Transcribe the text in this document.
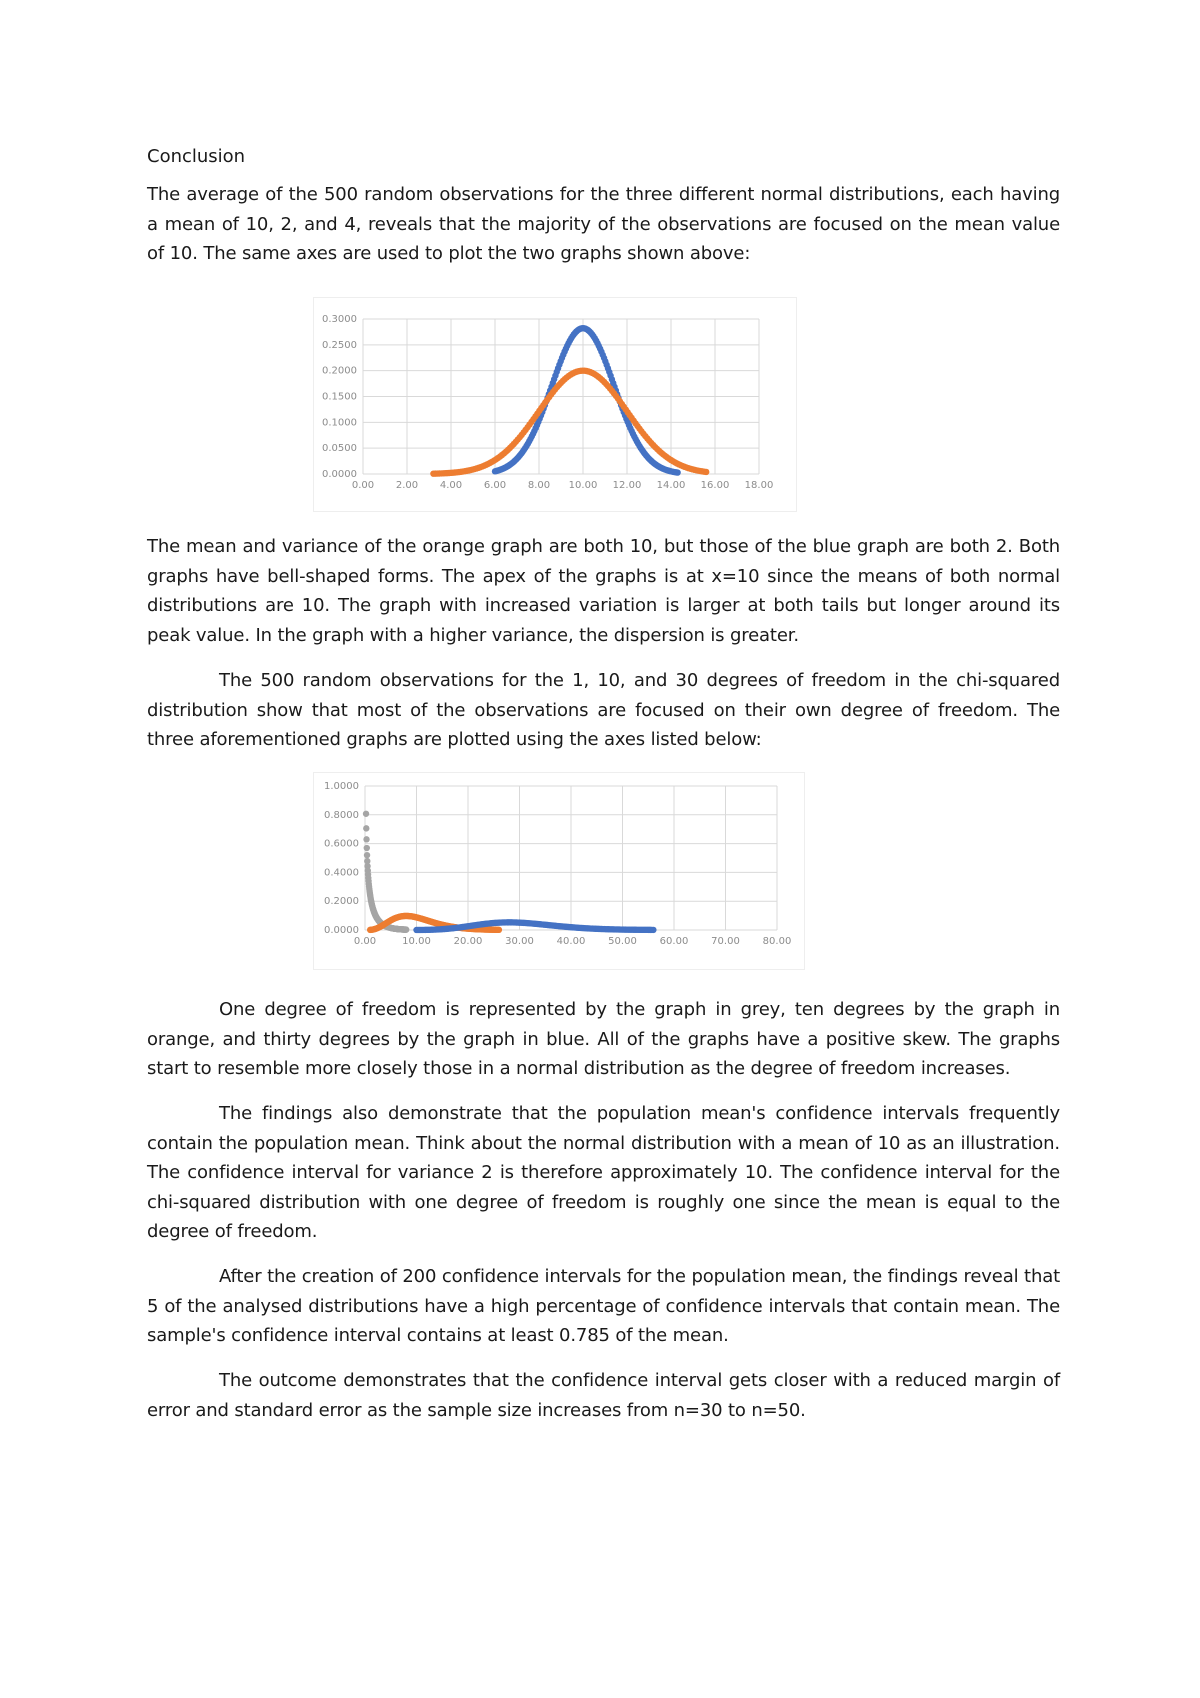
Conclusion

The average of the 500 random observations for the three different normal distributions, each having a mean of 10, 2, and 4, reveals that the majority of the observations are focused on the mean value of 10. The same axes are used to plot the two graphs shown above:

0.0000
0.0500
0.1000
0.1500
0.2000
0.2500
0.3000
0.00 2.00 4.00 6.00 8.00 10.00 12.00 14.00 16.00 18.00

The mean and variance of the orange graph are both 10, but those of the blue graph are both 2. Both graphs have bell-shaped forms. The apex of the graphs is at x=10 since the means of both normal distributions are 10. The graph with increased variation is larger at both tails but longer around its peak value. In the graph with a higher variance, the dispersion is greater.

The 500 random observations for the 1, 10, and 30 degrees of freedom in the chi-squared distribution show that most of the observations are focused on their own degree of freedom. The three aforementioned graphs are plotted using the axes listed below:

0.0000
0.2000
0.4000
0.6000
0.8000
1.0000
0.00	10.00 20.00 30.00 40.00 50.00 60.00 70.00 80.00

One degree of freedom is represented by the graph in grey, ten degrees by the graph in orange, and thirty degrees by the graph in blue. All of the graphs have a positive skew. The graphs start to resemble more closely those in a normal distribution as the degree of freedom increases.

The findings also demonstrate that the population mean's confidence intervals frequently contain the population mean. Think about the normal distribution with a mean of 10 as an illustration. The confidence interval for variance 2 is therefore approximately 10. The confidence interval for the chi-squared distribution with one degree of freedom is roughly one since the mean is equal to the degree of freedom.

After the creation of 200 confidence intervals for the population mean, the findings reveal that 5 of the analysed distributions have a high percentage of confidence intervals that contain mean. The sample's confidence interval contains at least 0.785 of the mean.

The outcome demonstrates that the confidence interval gets closer with a reduced margin of error and standard error as the sample size increases from n=30 to n=50.
